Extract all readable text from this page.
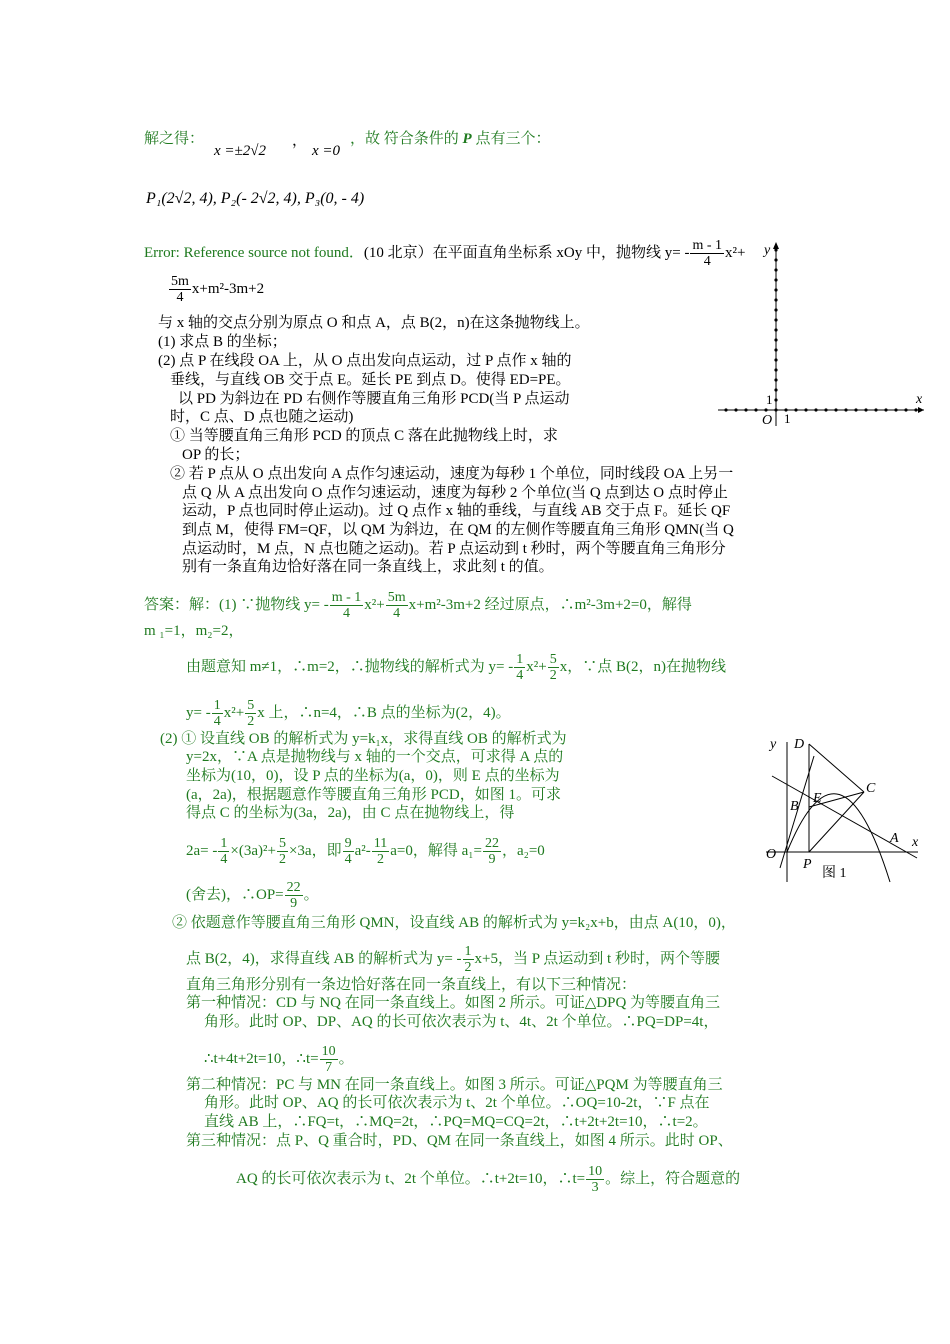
解之得：
x =±2√2
，
x =0
，故 符合条件的 P 点有三个：
P₁(2√2, 4), P₂(- 2√2, 4), P₃(0, - 4)
Error: Reference source not found．(10 北京）在平面直角坐标系 xOy 中，抛物线 $y= - \frac{m - 1}{4} x^2+$
$\frac{5m}{4} x+m^2-3m+2$
与 x 轴的交点分别为原点 O 和点 A，点 B(2，n)在这条抛物线上。
(1) 求点 B 的坐标；
(2) 点 P 在线段 OA 上，从 O 点出发向点运动，过 P 点作 x 轴的
垂线，与直线 OB 交于点 E。延长 PE 到点 D。使得 ED=PE。
以 PD 为斜边在 PD 右侧作等腰直角三角形 PCD(当 P 点运动
时，C 点、D 点也随之运动)
① 当等腰直角三角形 PCD 的顶点 C 落在此抛物线上时，求
OP 的长；
② 若 P 点从 O 点出发向 A 点作匀速运动，速度为每秒 1 个单位，同时线段 OA 上另一
点 Q 从 A 点出发向 O 点作匀速运动，速度为每秒 2 个单位(当 Q 点到达 O 点时停止
运动，P 点也同时停止运动)。过 Q 点作 x 轴的垂线，与直线 AB 交于点 F。延长 QF
到点 M，使得 FM=QF，以 QM 为斜边，在 QM 的左侧作等腰直角三角形 QMN(当 Q
点运动时，M 点，N 点也随之运动)。若 P 点运动到 t 秒时，两个等腰直角三角形分
别有一条直角边恰好落在同一条直线上，求此刻 t 的值。
x
y
O 1
1
答案：解：(1) ∵抛物线 $y= - \frac{m - 1}{4} x^2+ \frac{5m}{4} x+m^2-3m+2$ 经过原点，∴m²-3m+2=0，解得
m ₁=1，m₂=2，
由题意知 m≠1，∴m=2，∴抛物线的解析式为 $y= - \frac{1}{4} x^2+ \frac{5}{2}$ x，∵点 B(2，n)在抛物线
$y= - \frac{1}{4} x^2+ \frac{5}{2}$ x 上，∴n=4，∴B 点的坐标为(2，4)。
(2) ① 设直线 OB 的解析式为 y=k₁x，求得直线 OB 的解析式为
y=2x，∵A 点是抛物线与 x 轴的一个交点，可求得 A 点的
坐标为(10，0)，设 P 点的坐标为(a，0)，则 E 点的坐标为
(a，2a)，根据题意作等腰直角三角形 PCD，如图 1。可求
得点 C 的坐标为(3a，2a)，由 C 点在抛物线上，得
$2a= - \frac{1}{4} \times(3a)^2+ \frac{5}{2} \times 3a$，即 $\frac{9}{4} a^2- \frac{11}{2} a=0$，解得 $a_1= \frac{22}{9}$ ，a₂=0
(舍去)，∴OP= $\frac{22}{9}$ 。
y D
C
B
E
A x
O
P
图 1
② 依题意作等腰直角三角形 QMN，设直线 AB 的解析式为 y=k₂x+b，由点 A(10，0)，
点 B(2，4)，求得直线 AB 的解析式为 $y= - \frac{1}{2} x+5$，当 P 点运动到 t 秒时，两个等腰
直角三角形分别有一条边恰好落在同一条直线上，有以下三种情况：
第一种情况：CD 与 NQ 在同一条直线上。如图 2 所示。可证△DPQ 为等腰直角三
角形。此时 OP、DP、AQ 的长可依次表示为 t、4t、2t 个单位。∴PQ=DP=4t，
∴t+4t+2t=10，∴t= $\frac{10}{7}$ 。
第二种情况：PC 与 MN 在同一条直线上。如图 3 所示。可证△PQM 为等腰直角三
角形。此时 OP、AQ 的长可依次表示为 t、2t 个单位。∴OQ=10-2t，∵F 点在
直线 AB 上，∴FQ=t，∴MQ=2t，∴PQ=MQ=CQ=2t，∴t+2t+2t=10，∴t=2。
第三种情况：点 P、Q 重合时，PD、QM 在同一条直线上，如图 4 所示。此时 OP、
AQ 的长可依次表示为 t、2t 个单位。∴t+2t=10，∴t= $\frac{10}{3}$ 。综上，符合题意的
